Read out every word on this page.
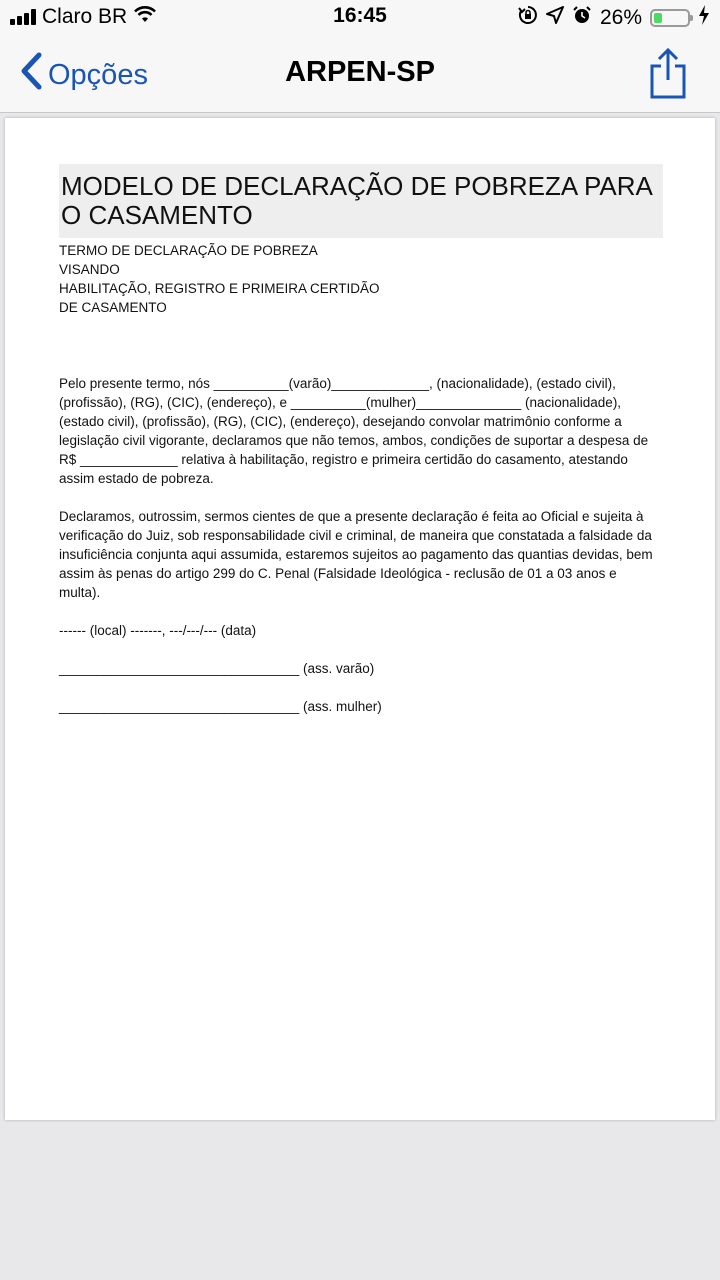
Claro BR	16:45	26%
Opções	ARPEN-SP
MODELO DE DECLARAÇÃO DE POBREZA PARA O CASAMENTO
TERMO DE DECLARAÇÃO DE POBREZA
VISANDO
HABILITAÇÃO, REGISTRO E PRIMEIRA CERTIDÃO
DE CASAMENTO

Pelo presente termo, nós __________(varão)_____________, (nacionalidade), (estado civil), (profissão), (RG), (CIC), (endereço), e __________(mulher)______________ (nacionalidade), (estado civil), (profissão), (RG), (CIC), (endereço), desejando convolar matrimônio conforme a legislação civil vigorante, declaramos que não temos, ambos, condições de suportar a despesa de R$ _____________ relativa à habilitação, registro e primeira certidão do casamento, atestando assim estado de pobreza.

Declaramos, outrossim, sermos cientes de que a presente declaração é feita ao Oficial e sujeita à verificação do Juiz, sob responsabilidade civil e criminal, de maneira que constatada a falsidade da insuficiência conjunta aqui assumida, estaremos sujeitos ao pagamento das quantias devidas, bem assim às penas do artigo 299 do C. Penal (Falsidade Ideológica - reclusão de 01 a 03 anos e multa).

------ (local) -------, ---/---/--- (data)

________________________________ (ass. varão)

________________________________ (ass. mulher)
